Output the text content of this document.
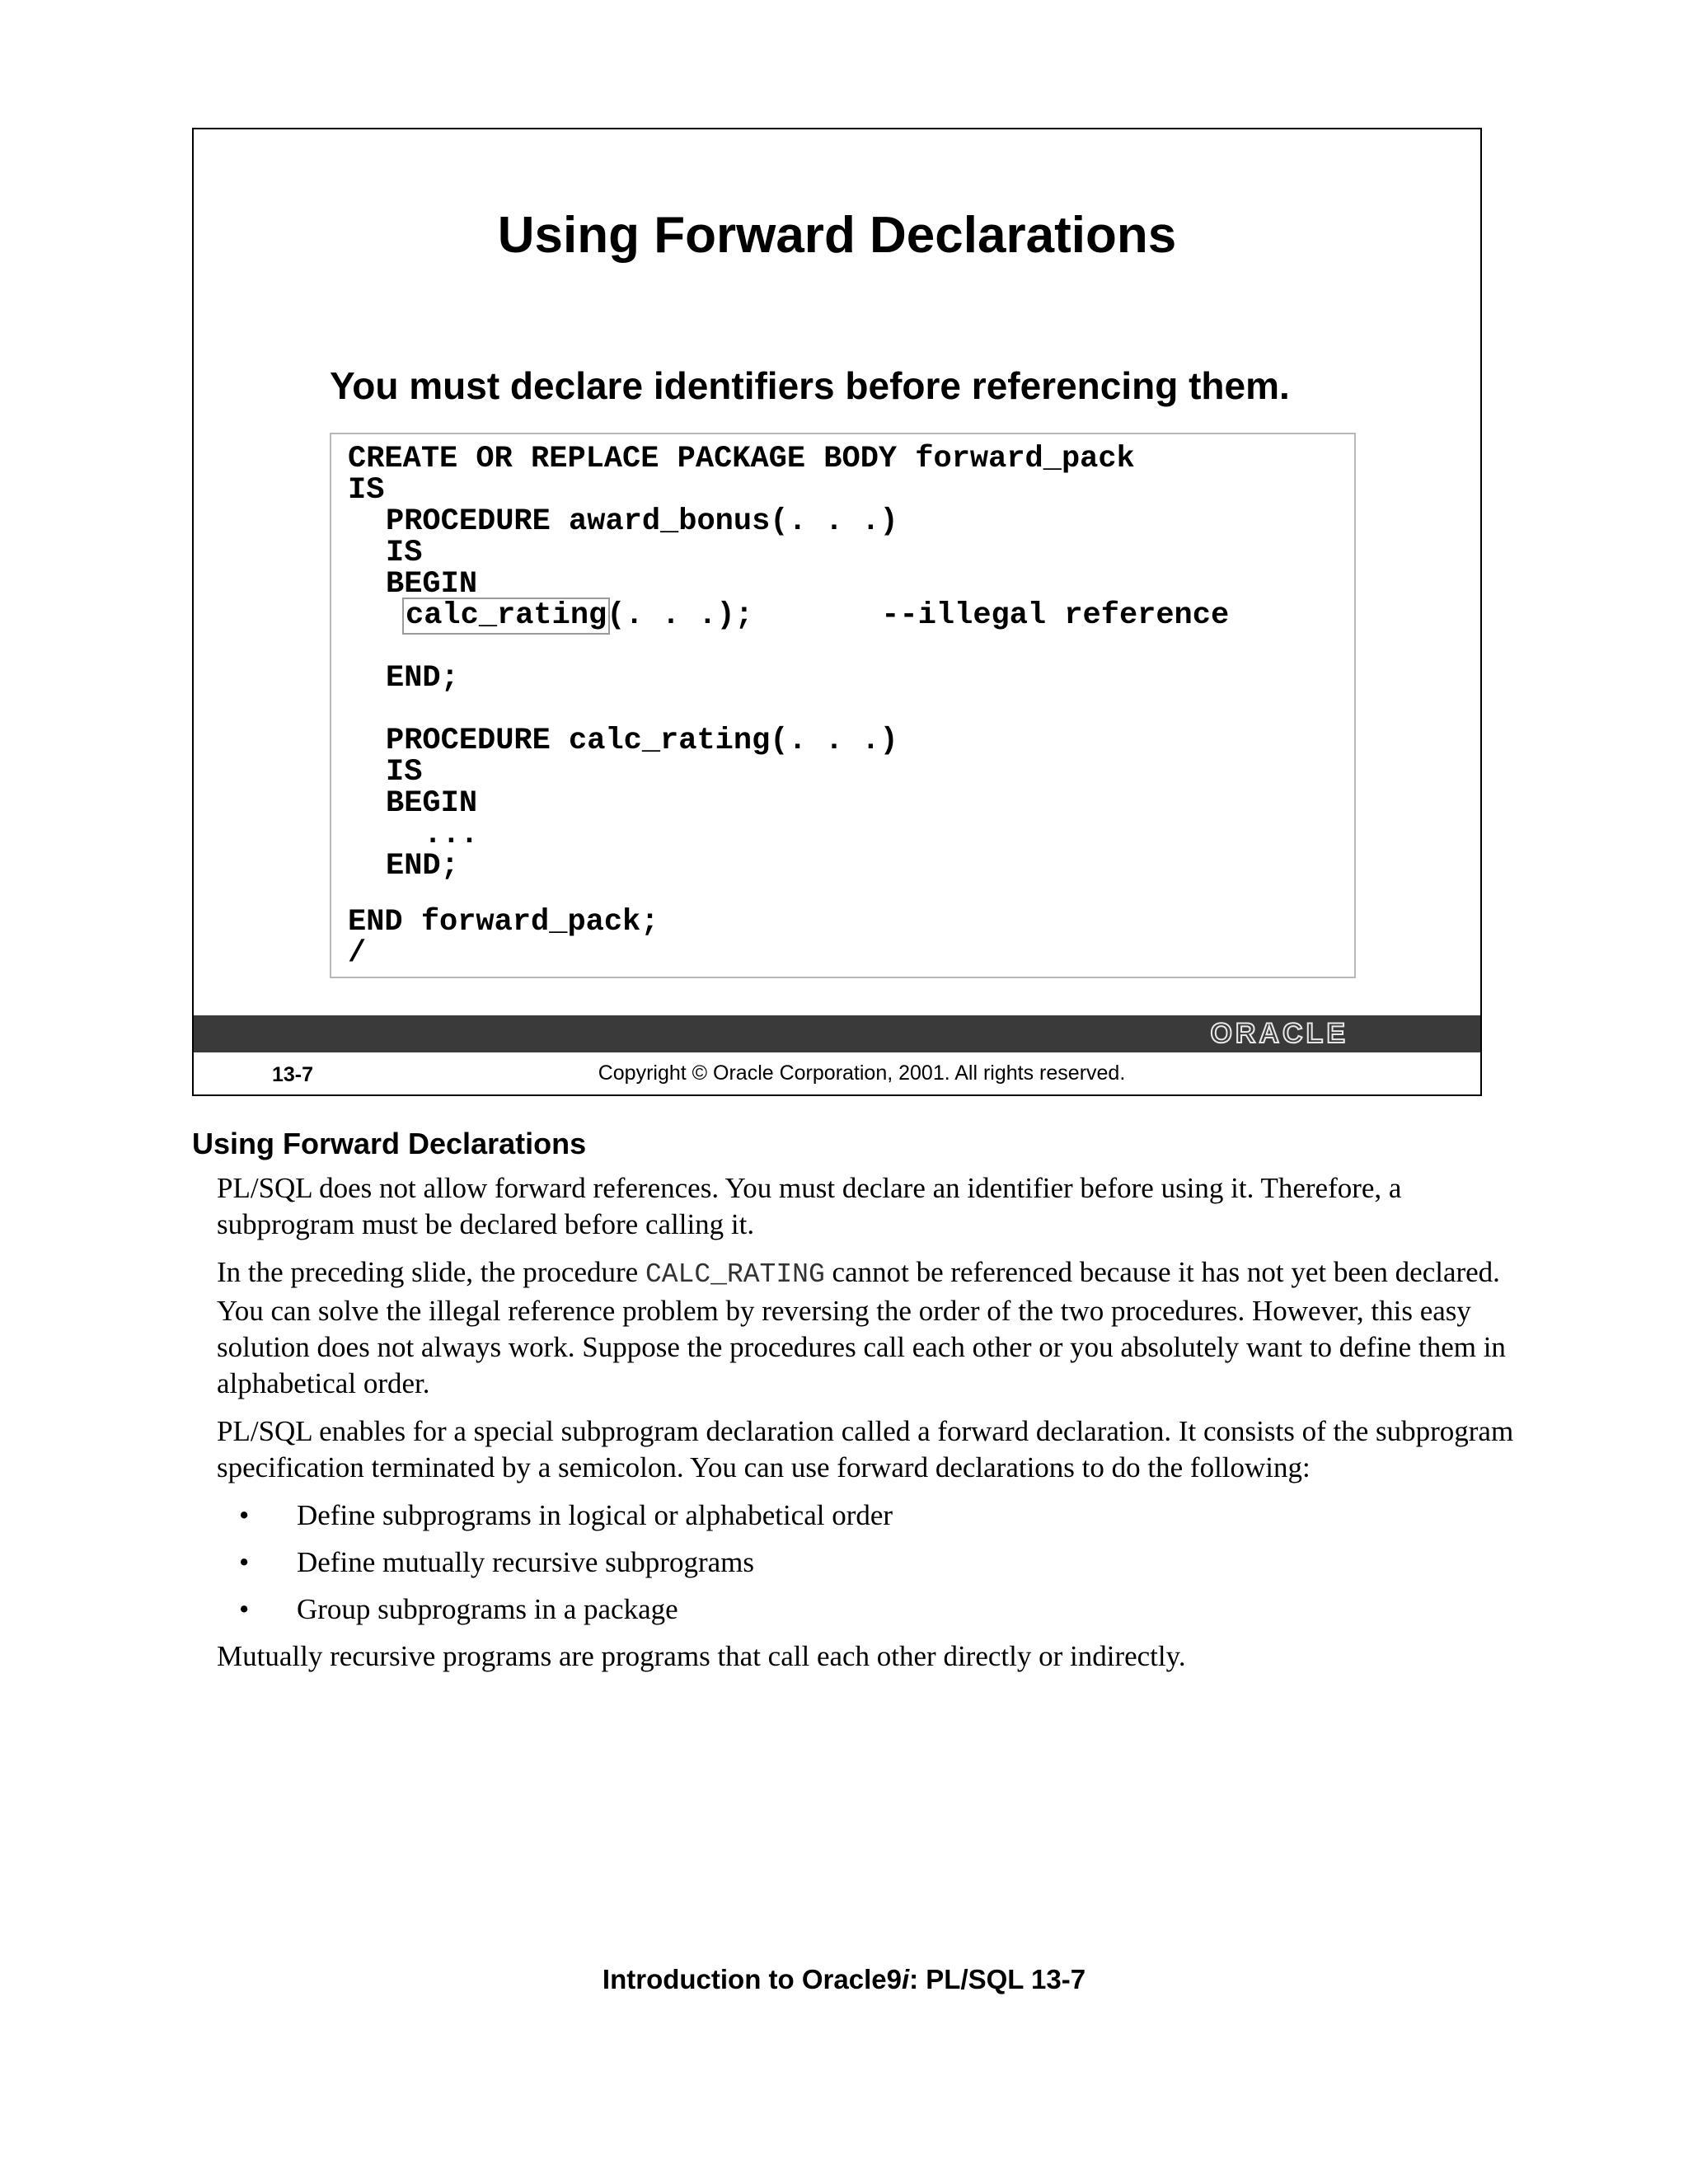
Using Forward Declarations
You must declare identifiers before referencing them.
CREATE OR REPLACE PACKAGE BODY forward_pack
IS
PROCEDURE award_bonus(. . .)
IS
BEGIN
calc_rating(. . .);       --illegal reference
END;
PROCEDURE calc_rating(. . .)
IS
BEGIN
...
END;
END forward_pack;
/
ORACLE
13-7	Copyright © Oracle Corporation, 2001. All rights reserved.
Using Forward Declarations

PL/SQL does not allow forward references. You must declare an identifier before using it. Therefore, a subprogram must be declared before calling it.

In the preceding slide, the procedure CALC_RATING cannot be referenced because it has not yet been declared. You can solve the illegal reference problem by reversing the order of the two procedures. However, this easy solution does not always work. Suppose the procedures call each other or you absolutely want to define them in alphabetical order.

PL/SQL enables for a special subprogram declaration called a forward declaration. It consists of the subprogram specification terminated by a semicolon. You can use forward declarations to do the following:

• Define subprograms in logical or alphabetical order
• Define mutually recursive subprograms
• Group subprograms in a package

Mutually recursive programs are programs that call each other directly or indirectly.

Introduction to Oracle9i: PL/SQL 13-7
